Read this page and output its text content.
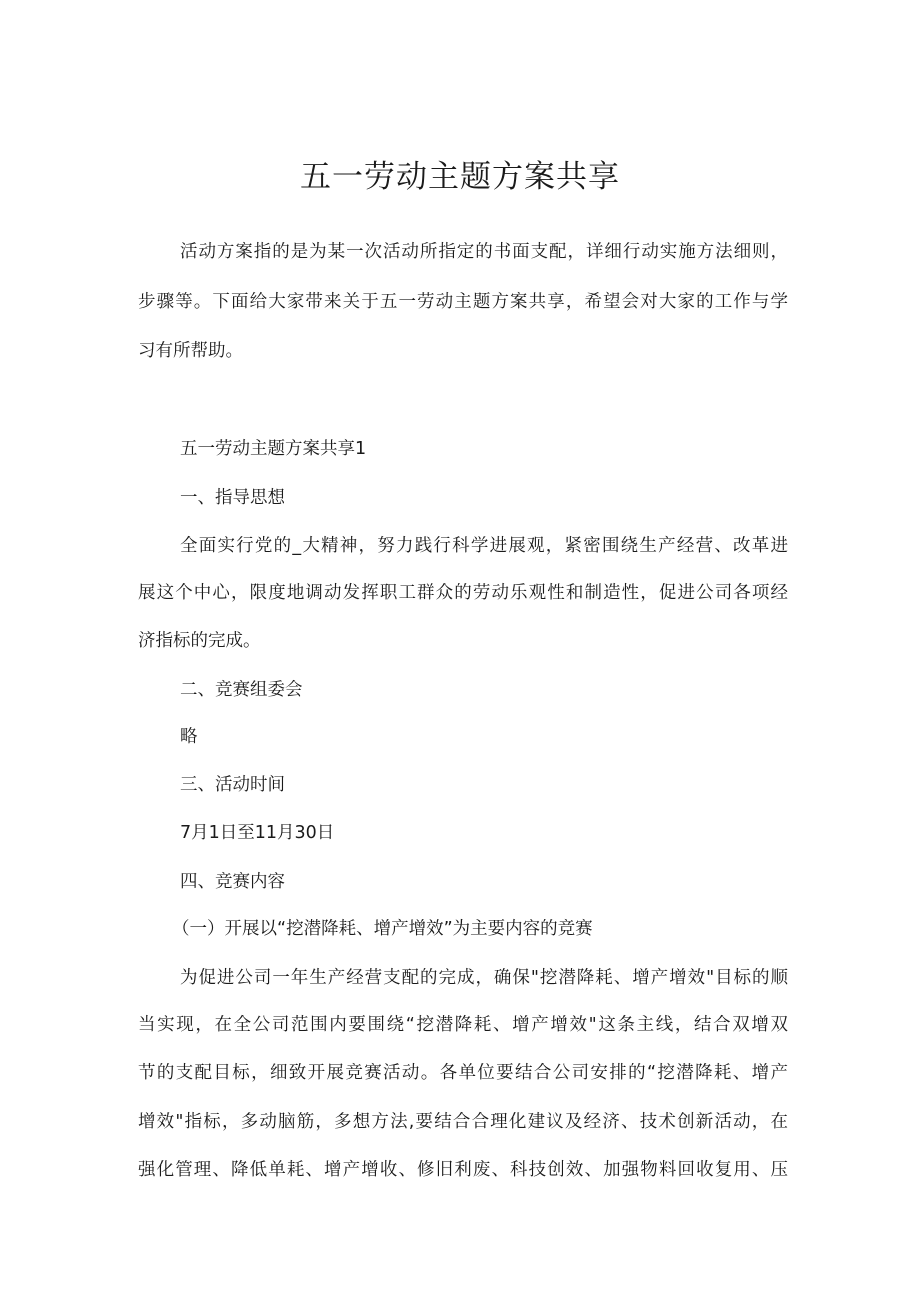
五一劳动主题方案共享

活动方案指的是为某一次活动所指定的书面支配，详细行动实施方法细则，

步骤等。下面给大家带来关于五一劳动主题方案共享，希望会对大家的工作与学

习有所帮助。

五一劳动主题方案共享1

一、指导思想

全面实行党的_大精神，努力践行科学进展观，紧密围绕生产经营、改革进

展这个中心，限度地调动发挥职工群众的劳动乐观性和制造性，促进公司各项经

济指标的完成。

二、竞赛组委会

略

三、活动时间

7月1日至11月30日

四、竞赛内容

（一）开展以“挖潜降耗、增产增效”为主要内容的竞赛

为促进公司一年生产经营支配的完成，确保"挖潜降耗、增产增效"目标的顺

当实现，在全公司范围内要围绕“挖潜降耗、增产增效"这条主线，结合双增双

节的支配目标，细致开展竞赛活动。各单位要结合公司安排的“挖潜降耗、增产

增效"指标，多动脑筋，多想方法,要结合合理化建议及经济、技术创新活动，在

强化管理、降低单耗、增产增收、修旧利废、科技创效、加强物料回收复用、压
